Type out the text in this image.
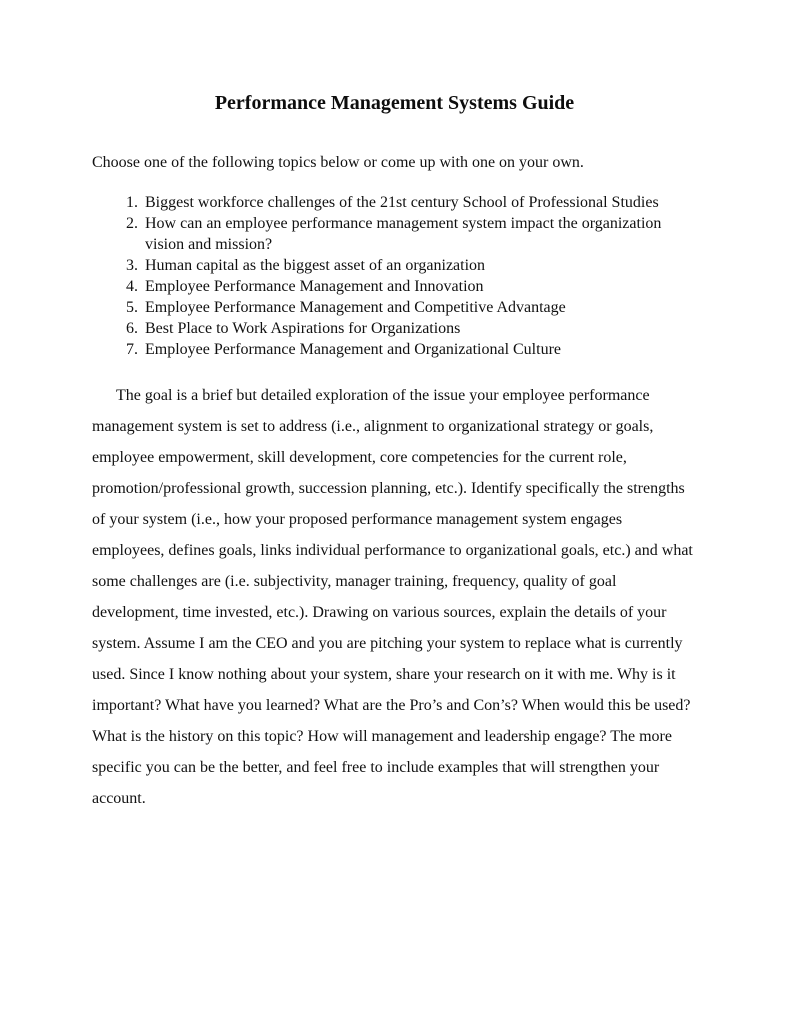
Performance Management Systems Guide

Choose one of the following topics below or come up with one on your own.

1. Biggest workforce challenges of the 21st century School of Professional Studies
2. How can an employee performance management system impact the organization vision and mission?
3. Human capital as the biggest asset of an organization
4. Employee Performance Management and Innovation
5. Employee Performance Management and Competitive Advantage
6. Best Place to Work Aspirations for Organizations
7. Employee Performance Management and Organizational Culture

The goal is a brief but detailed exploration of the issue your employee performance management system is set to address (i.e., alignment to organizational strategy or goals, employee empowerment, skill development, core competencies for the current role, promotion/professional growth, succession planning, etc.). Identify specifically the strengths of your system (i.e., how your proposed performance management system engages employees, defines goals, links individual performance to organizational goals, etc.) and what some challenges are (i.e. subjectivity, manager training, frequency, quality of goal development, time invested, etc.). Drawing on various sources, explain the details of your system. Assume I am the CEO and you are pitching your system to replace what is currently used. Since I know nothing about your system, share your research on it with me. Why is it important? What have you learned? What are the Pro’s and Con’s? When would this be used? What is the history on this topic? How will management and leadership engage? The more specific you can be the better, and feel free to include examples that will strengthen your account.
